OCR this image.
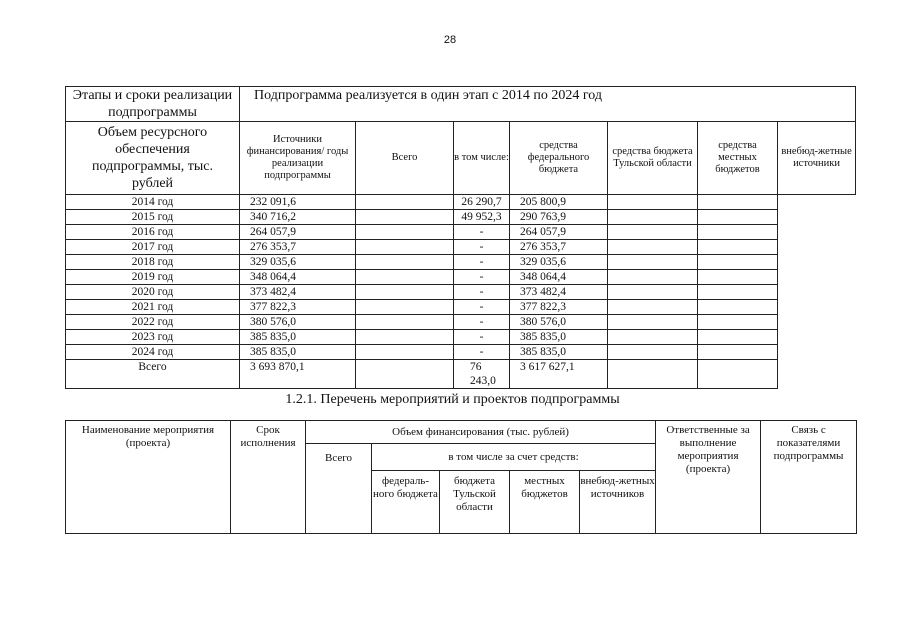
28
Этапы и сроки реализации подпрограммы	Подпрограмма реализуется в один этап с 2014 по 2024 год						
Объем ресурсного обеспечения подпрограммы, тыс. рублей	Источники финансирования/ годы реализации подпрограммы	Всего	в том числе:	средства федерального бюджета	средства бюджета Тульской области	средства местных бюджетов	внебюд-жетные источники
2014 год	232 091,6		26 290,7	205 800,9			
2015 год	340 716,2		49 952,3	290 763,9			
2016 год	264 057,9		-	264 057,9			
2017 год	276 353,7		-	276 353,7			
2018 год	329 035,6		-	329 035,6			
2019 год	348 064,4		-	348 064,4			
2020 год	373 482,4		-	373 482,4			
2021 год	377 822,3		-	377 822,3			
2022 год	380 576,0		-	380 576,0			
2023 год	385 835,0		-	385 835,0			
2024 год	385 835,0		-	385 835,0			
Всего	3 693 870,1		76 243,0	3 617 627,1			
1.2.1. Перечень мероприятий и проектов подпрограммы
Наименование мероприятия (проекта)	Срок исполнения	Объем финансирования (тыс. рублей)					Ответственные за выполнение мероприятия (проекта)	Связь с показателями подпрограммы
		Всего	в том числе за счет средств:					
			федераль-ного бюджета	бюджета Тульской области	местных бюджетов	внебюд-жетных источников		
